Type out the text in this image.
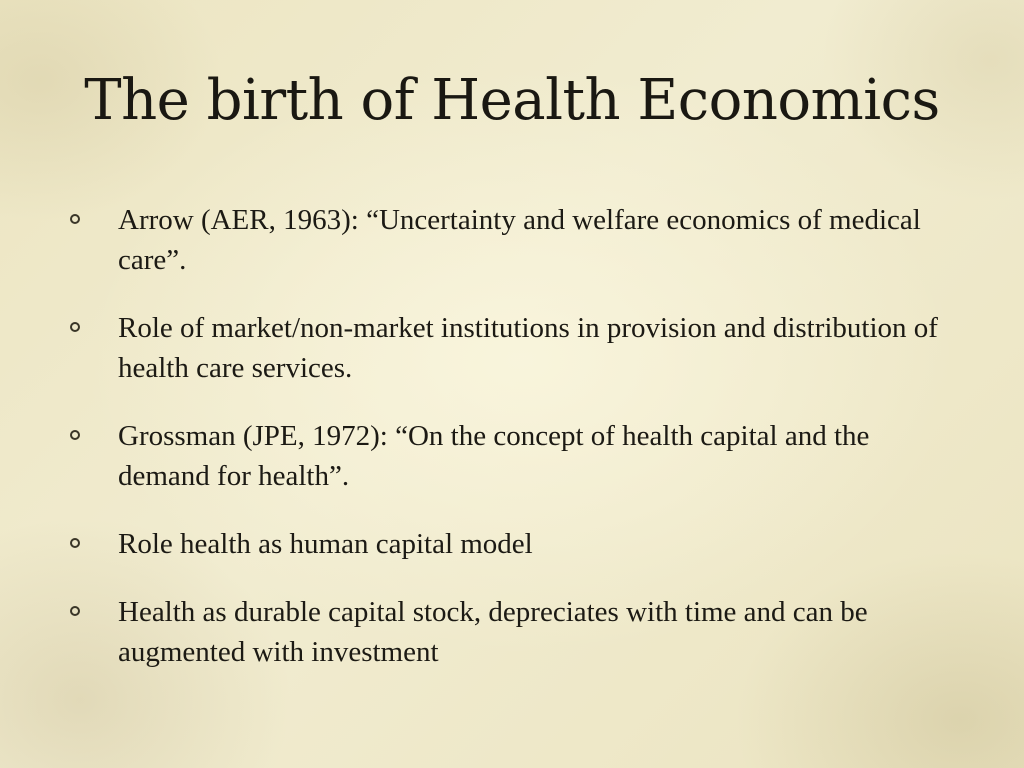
The birth of Health Economics
Arrow (AER, 1963): “Uncertainty and welfare economics of medical care”.
Role of market/non-market institutions in provision and distribution of health care services.
Grossman (JPE, 1972): “On the concept of health capital and the demand for health”.
Role health as human capital model
Health as durable capital stock, depreciates with time and can be augmented with investment
